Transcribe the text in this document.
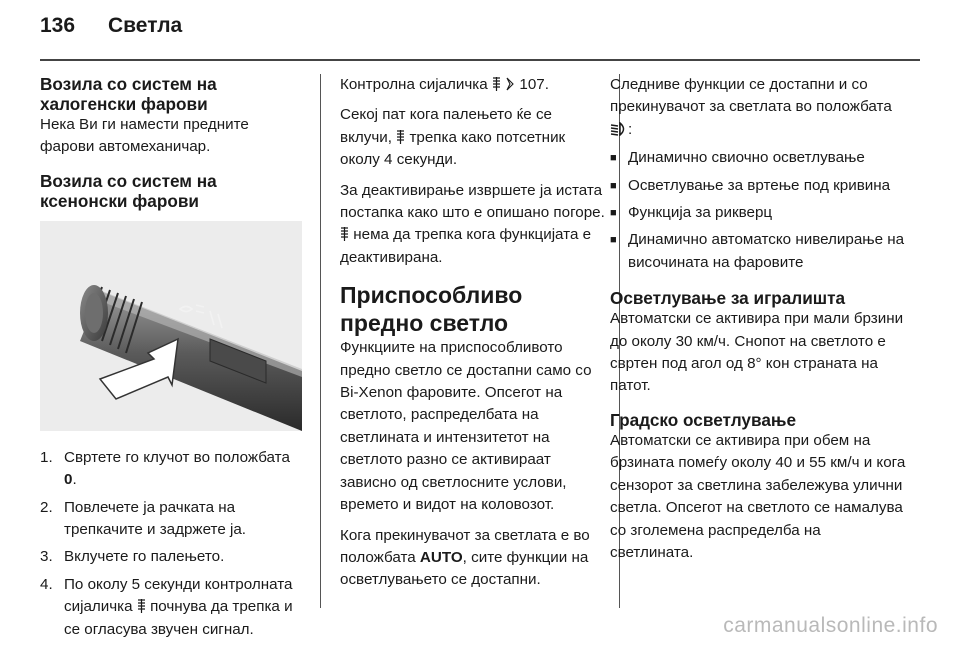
136 Светла
Возила со систем на халогенски фарови

Нека Ви ги намести предните фарови автомеханичар.

Возила со систем на ксенонски фарови
1. Свртете го клучот во положбата 0.
2. Повлечете ја рачката на трепкачите и задржете ја.
3. Вклучете го палењето.
4. По околу 5 секунди контролната сијаличка почнува да трепка и се огласува звучен сигнал.

Контролна сијаличка 107.

Секој пат кога палењето ќе се вклучи, трепка како потсетник околу 4 секунди.

За деактивирање извршете ја истата постапка како што е опишано погоре.  нема да трепка кога функцијата е деактивирана.

Приспособливо предно светло

Функциите на приспособливото предно светло се достапни само со Bi-Xenon фаровите. Опсегот на светлото, распределбата на светлината и интензитетот на светлото разно се активираат зависно од светлосните услови, времето и видот на коловозот.

Кога прекинувачот за светлата е во положбата AUTO, сите функции на осветлувањето се достапни.

Следниве функции се достапни и со прекинувачот за светлата во положбата :

■ Динамично свиочно осветлување
■ Осветлување за вртење под кривина
■ Функција за рикверц
■ Динамично автоматско нивелирање на височината на фаровите
Осветлување за игралишта

Автоматски се активира при мали брзини до околу 30 км/ч. Снопот на светлото е свртен под агол од 8° кон страната на патот.

Градско осветлување

Автоматски се активира при обем на брзината помеѓу околу 40 и 55 км/ч и кога сензорот за светлина забележува улични светла. Опсегот на светлото се намалува со зголемена распределба на светлината.

carmanualsonline.info
